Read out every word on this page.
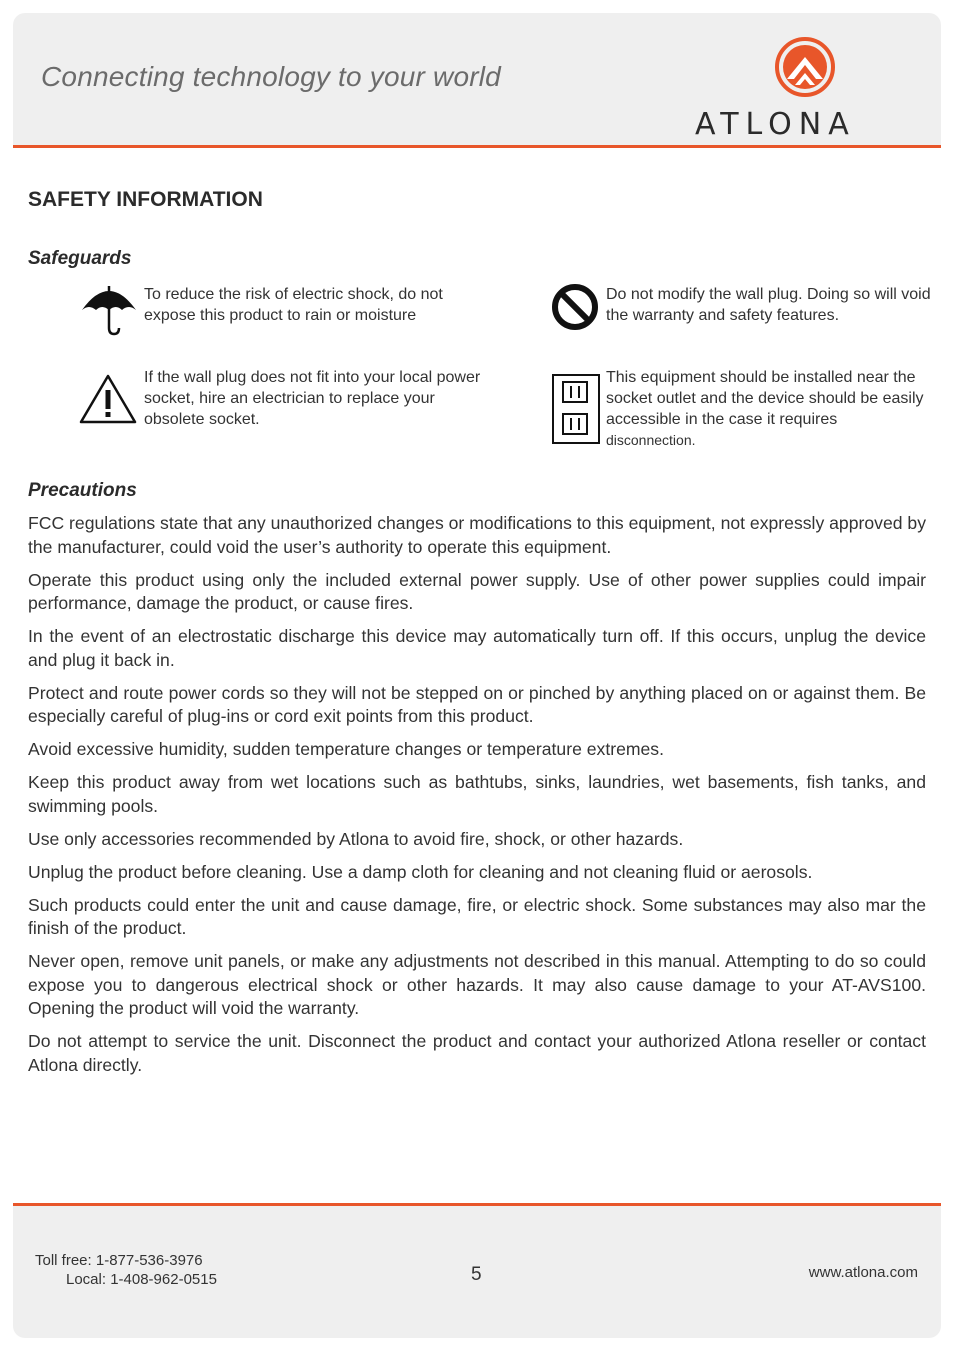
Connecting technology to your world
ATLONA
SAFETY INFORMATION
Safeguards
To reduce the risk of electric shock, do not expose this product to rain or moisture
Do not modify the wall plug. Doing so will void the warranty and safety features.
If the wall plug does not fit into your local power socket, hire an electrician to replace your obsolete socket.
This equipment should be installed near the socket outlet and the device should be easily accessible in the case it requires
disconnection.
Precautions

FCC regulations state that any unauthorized changes or modifications to this equipment, not expressly approved by the manufacturer, could void the user’s authority to operate this equipment.

Operate this product using only the included external power supply. Use of other power supplies could impair performance, damage the product, or cause fires.

In the event of an electrostatic discharge this device may automatically turn off. If this occurs, unplug the device and plug it back in.

Protect and route power cords so they will not be stepped on or pinched by anything placed on or against them. Be especially careful of plug-ins or cord exit points from this product.

Avoid excessive humidity, sudden temperature changes or temperature extremes.

Keep this product away from wet locations such as bathtubs, sinks, laundries, wet basements, fish tanks, and swimming pools.

Use only accessories recommended by Atlona to avoid fire, shock, or other hazards.

Unplug the product before cleaning. Use a damp cloth for cleaning and not cleaning fluid or aerosols.

Such products could enter the unit and cause damage, fire, or electric shock. Some substances may also mar the finish of the product.

Never open, remove unit panels, or make any adjustments not described in this manual. Attempting to do so could expose you to dangerous electrical shock or other hazards. It may also cause damage to your AT-AVS100. Opening the product will void the warranty.

Do not attempt to service the unit. Disconnect the product and contact your authorized Atlona reseller or contact Atlona directly.

Toll free: 1-877-536-3976
Local: 1-408-962-0515	5	www.atlona.com
